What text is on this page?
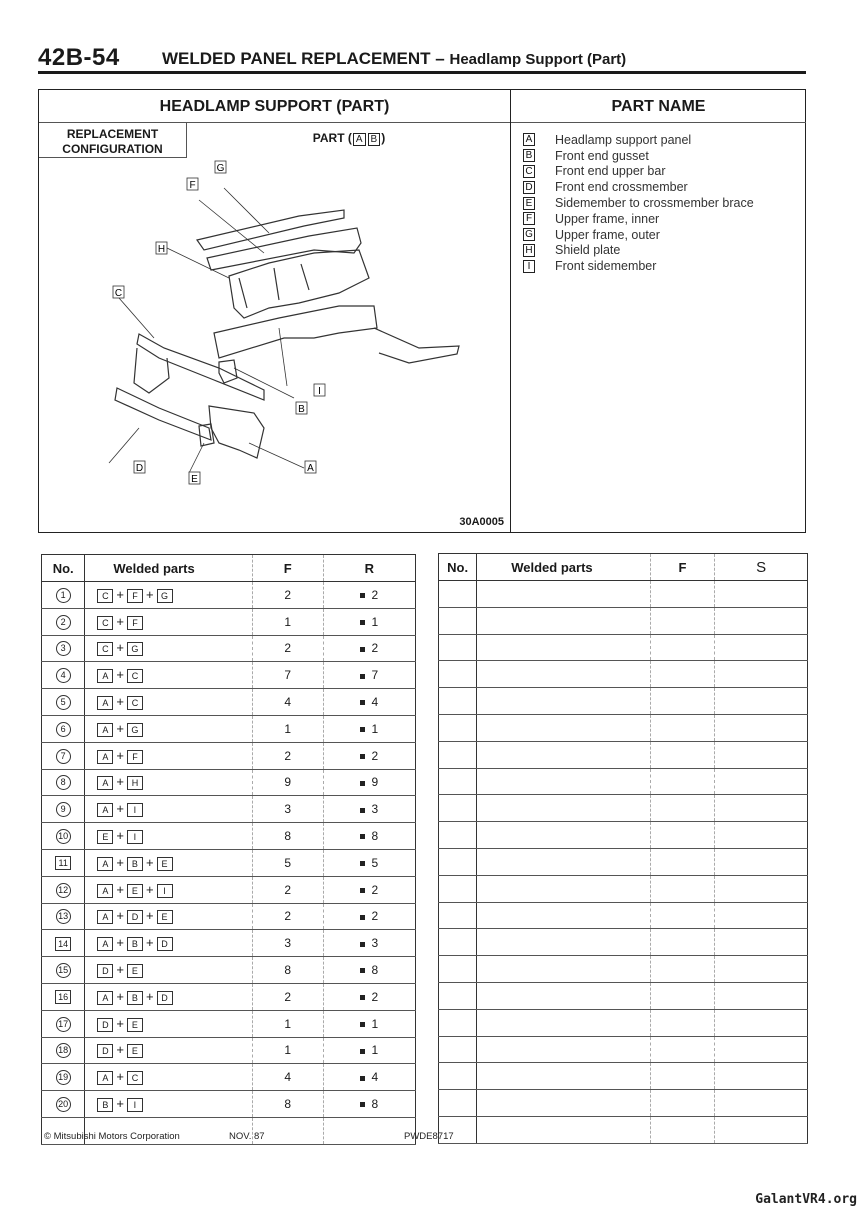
42B-54 WELDED PANEL REPLACEMENT – Headlamp Support (Part)
HEADLAMP SUPPORT (PART)
REPLACEMENT
CONFIGURATION
PART ( A B )
G
F
H
C
I
B
D
E
A
30A0005
PART NAME
A Headlamp support panel
B Front end gusset
C Front end upper bar
D Front end crossmember
E Sidemember to crossmember brace
F Upper frame, inner
G Upper frame, outer
H Shield plate
I	Front sidemember
No.	Welded parts	F	R
1	C + F + G	2	2
2	C + F	1	1
3	C + G	2	2
4	A + C	7	7
5	A + C	4	4
6	A + G	1	1
7	A + F	2	2
8	A + H	9	9
9	A + I	3	3
10	E + I	8	8
11	A + B + E	5	5
12	A + E + I	2	2
13	A + D + E	2	2
14	A + B + D	3	3
15	D + E	8	8
16	A + B + D	2	2
17	D + E	1	1
18	D + E	1	1
19	A + C	4	4
20	B + I	8	8

No.	Welded parts	F	S

© Mitsubishi Motors Corporation	NOV. 87	PWDE8717
GalantVR4.org
